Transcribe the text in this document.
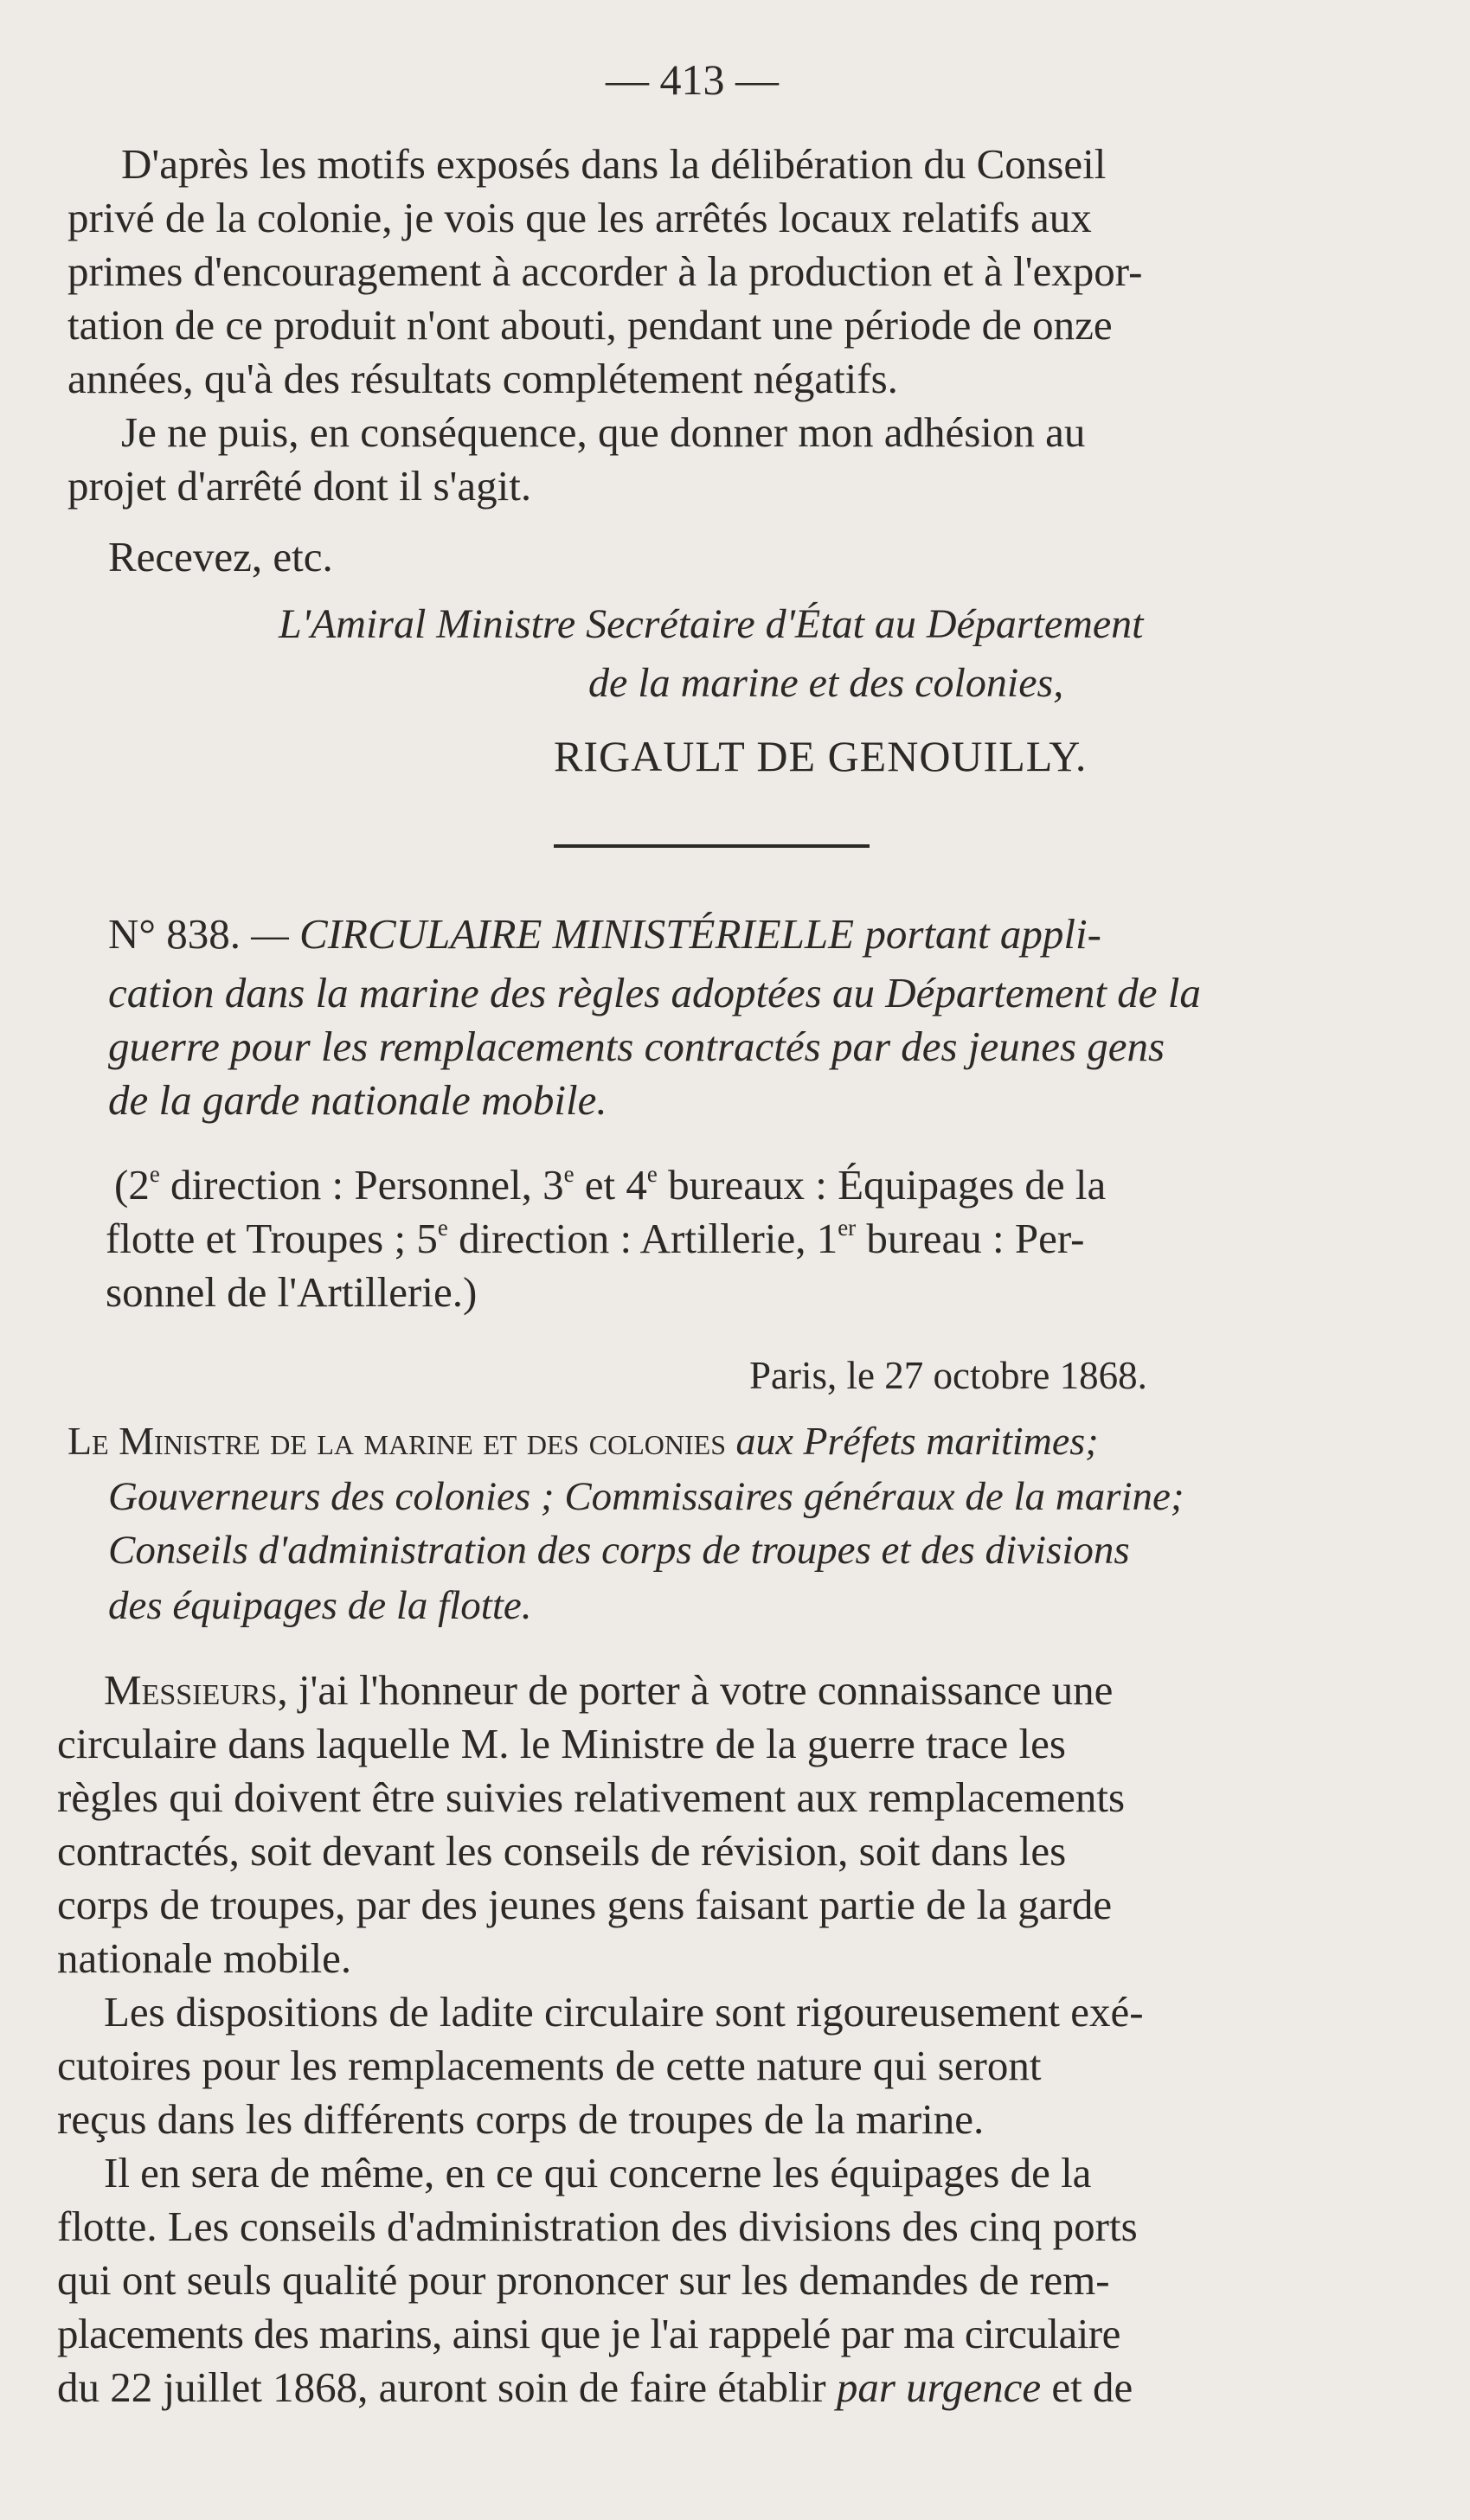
— 413 —
D'après les motifs exposés dans la délibération du Conseil
privé de la colonie, je vois que les arrêtés locaux relatifs aux
primes d'encouragement à accorder à la production et à l'expor-
tation de ce produit n'ont abouti, pendant une période de onze
années, qu'à des résultats complétement négatifs.
Je ne puis, en conséquence, que donner mon adhésion au
projet d'arrêté dont il s'agit.
Recevez, etc.
L'Amiral Ministre Secrétaire d'État au Département
de la marine et des colonies,
RIGAULT DE GENOUILLY.
N° 838. — CIRCULAIRE MINISTÉRIELLE portant appli-
cation dans la marine des règles adoptées au Département de la
guerre pour les remplacements contractés par des jeunes gens
de la garde nationale mobile.
(2e direction : Personnel, 3e et 4e bureaux : Équipages de la
flotte et Troupes ; 5e direction : Artillerie, 1er bureau : Per-
sonnel de l'Artillerie.)
Paris, le 27 octobre 1868.
Le Ministre de la marine et des colonies aux Préfets maritimes;
Gouverneurs des colonies ; Commissaires généraux de la marine;
Conseils d'administration des corps de troupes et des divisions
des équipages de la flotte.
Messieurs, j'ai l'honneur de porter à votre connaissance une
circulaire dans laquelle M. le Ministre de la guerre trace les
règles qui doivent être suivies relativement aux remplacements
contractés, soit devant les conseils de révision, soit dans les
corps de troupes, par des jeunes gens faisant partie de la garde
nationale mobile.
Les dispositions de ladite circulaire sont rigoureusement exé-
cutoires pour les remplacements de cette nature qui seront
reçus dans les différents corps de troupes de la marine.
Il en sera de même, en ce qui concerne les équipages de la
flotte. Les conseils d'administration des divisions des cinq ports
qui ont seuls qualité pour prononcer sur les demandes de rem-
placements des marins, ainsi que je l'ai rappelé par ma circulaire
du 22 juillet 1868, auront soin de faire établir par urgence et de
